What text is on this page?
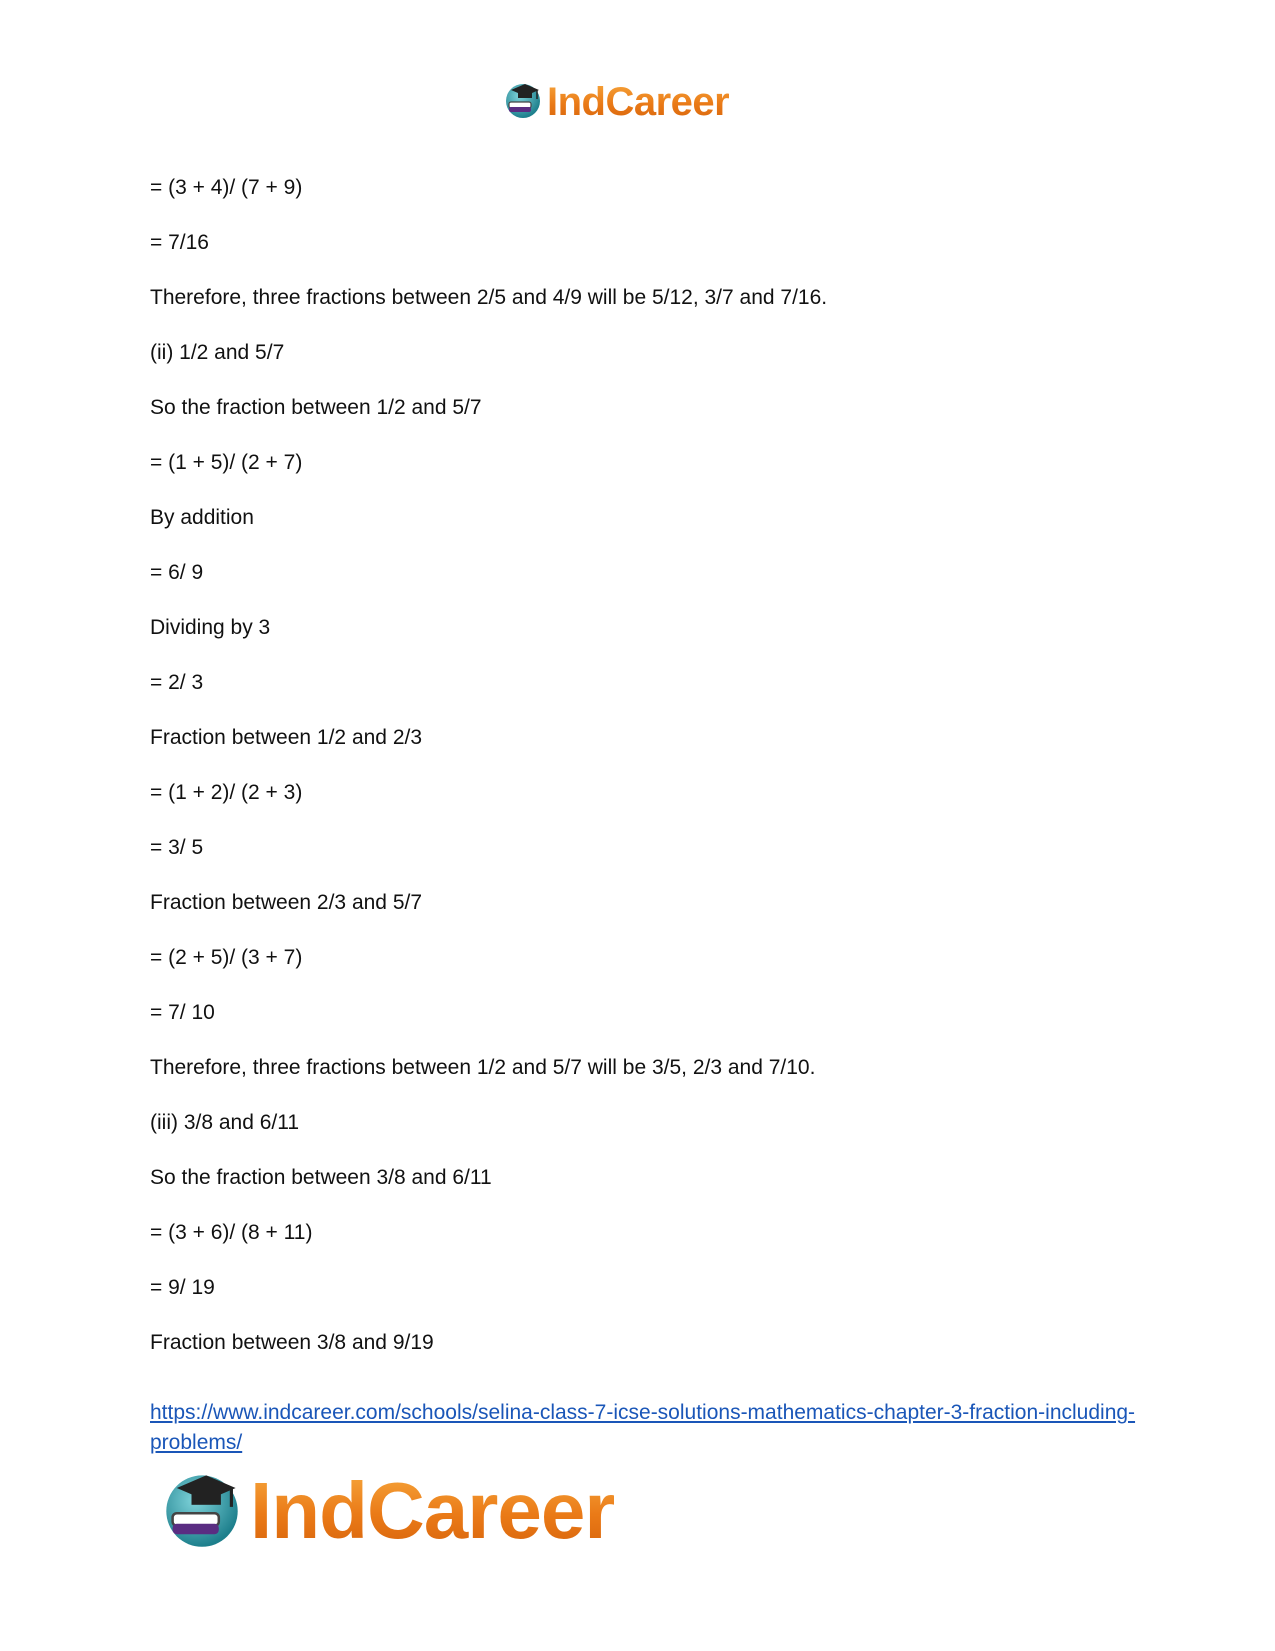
IndCareer
= (3 + 4)/ (7 + 9)
= 7/16
Therefore, three fractions between 2/5 and 4/9 will be 5/12, 3/7 and 7/16.
(ii) 1/2 and 5/7
So the fraction between 1/2 and 5/7
= (1 + 5)/ (2 + 7)
By addition
= 6/ 9
Dividing by 3
= 2/ 3
Fraction between 1/2 and 2/3
= (1 + 2)/ (2 + 3)
= 3/ 5
Fraction between 2/3 and 5/7
= (2 + 5)/ (3 + 7)
= 7/ 10
Therefore, three fractions between 1/2 and 5/7 will be 3/5, 2/3 and 7/10.
(iii) 3/8 and 6/11
So the fraction between 3/8 and 6/11
= (3 + 6)/ (8 + 11)
= 9/ 19
Fraction between 3/8 and 9/19
https://www.indcareer.com/schools/selina-class-7-icse-solutions-mathematics-chapter-3-fraction-including-problems/
IndCareer
